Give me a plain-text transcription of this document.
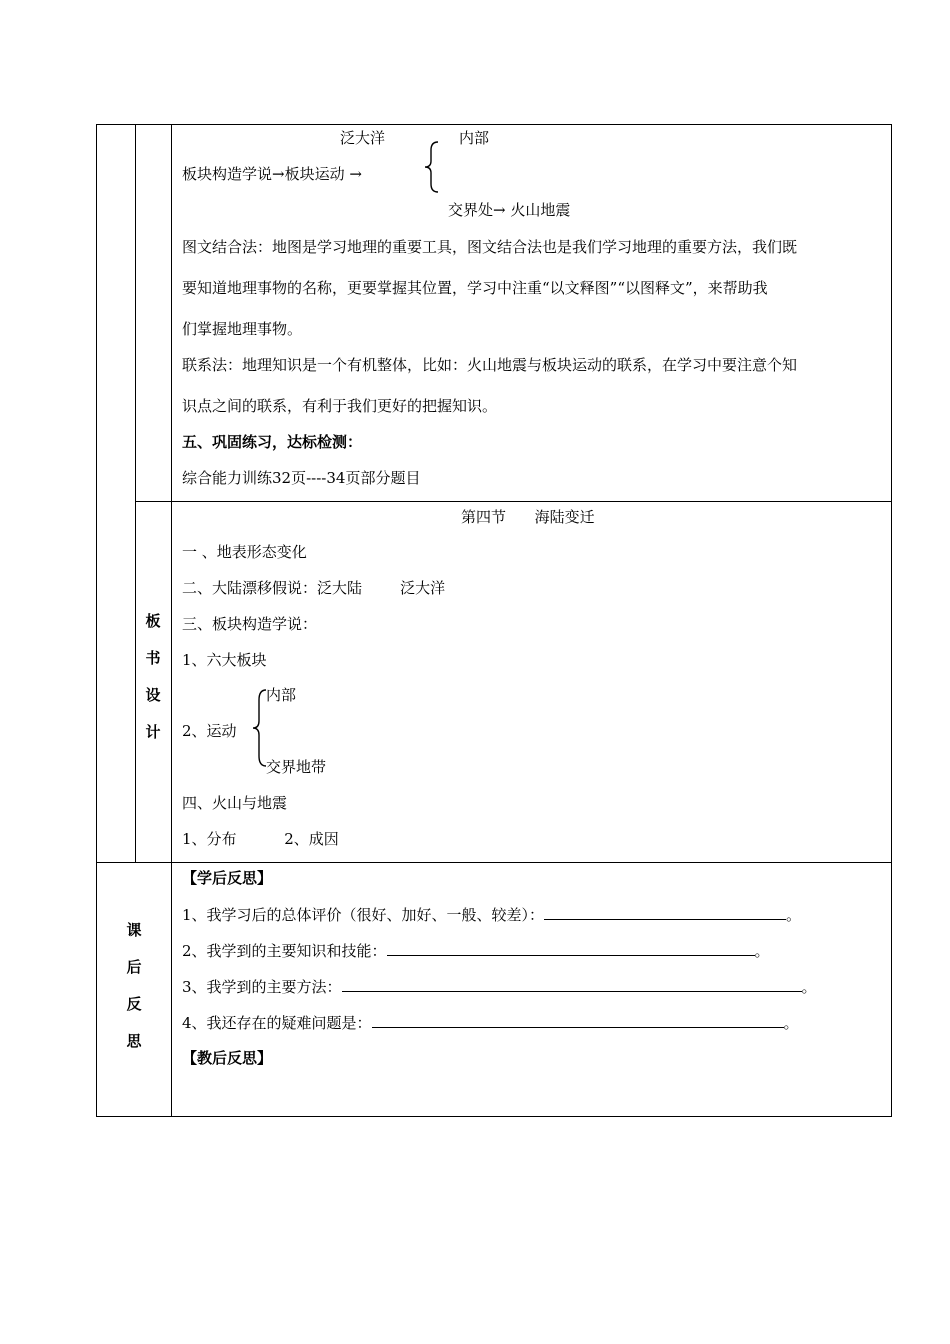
泛大洋	内部
板块构造学说→板块运动 →
交界处→ 火山地震
图文结合法：地图是学习地理的重要工具，图文结合法也是我们学习地理的重要方法，我们既
要知道地理事物的名称，更要掌握其位置，学习中注重“以文释图”“以图释文”，来帮助我
们掌握地理事物。
联系法：地理知识是一个有机整体，比如：火山地震与板块运动的联系，在学习中要注意个知
识点之间的联系，有利于我们更好的把握知识。
五、巩固练习，达标检测：
综合能力训练32页----34页部分题目
板
书
设
计
第四节      海陆变迁
一 、地表形态变化
二、大陆漂移假说：泛大陆        泛大洋
三、板块构造学说：
1、六大板块
内部
2、运动
交界地带
四、火山与地震
1、分布          2、成因
课
后
反
思
【学后反思】
1、我学习后的总体评价（很好、加好、一般、较差）：	。
2、我学到的主要知识和技能：	。
3、我学到的主要方法：	。
4、我还存在的疑难问题是：	。
【教后反思】
